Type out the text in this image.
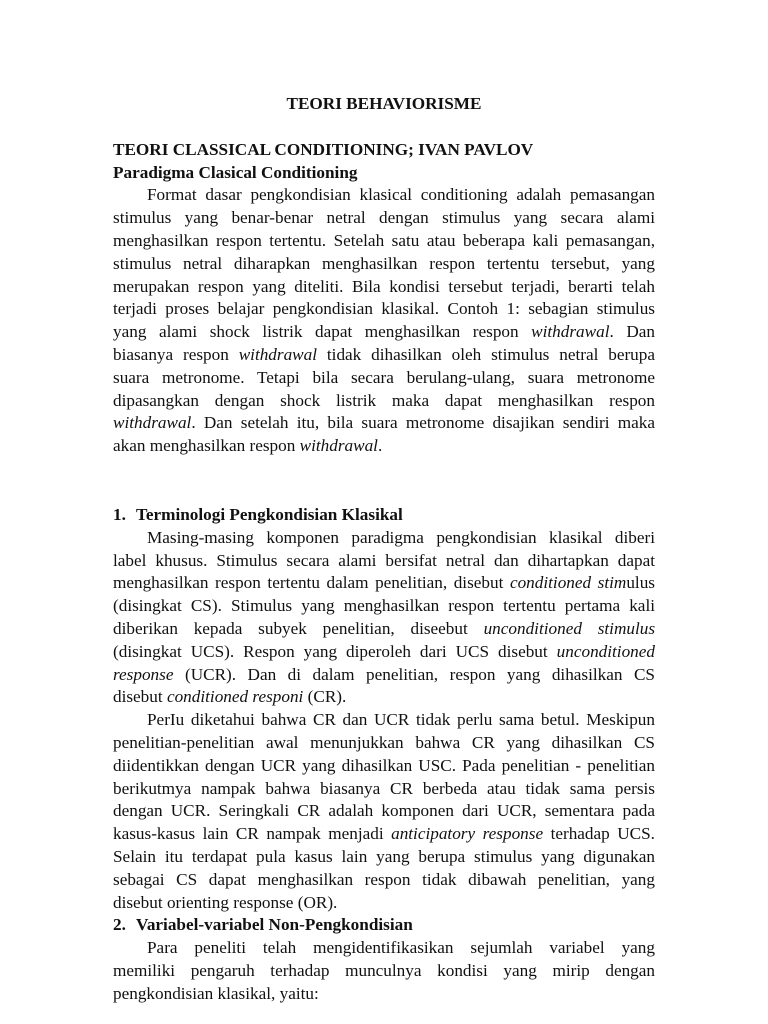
TEORI BEHAVIORISME
TEORI CLASSICAL CONDITIONING; IVAN PAVLOV
Paradigma Clasical Conditioning
Format dasar pengkondisian klasical conditioning adalah pemasangan
stimulus yang benar-benar netral dengan stimulus yang secara alami
menghasilkan respon tertentu. Setelah satu atau beberapa kali pemasangan,
stimulus netral diharapkan menghasilkan respon tertentu tersebut, yang
merupakan respon yang diteliti. Bila kondisi tersebut terjadi, berarti telah
terjadi proses belajar pengkondisian klasikal. Contoh 1: sebagian stimulus
yang alami shock listrik dapat menghasilkan respon withdrawal. Dan
biasanya respon withdrawal tidak dihasilkan oleh stimulus netral berupa
suara metronome. Tetapi bila secara berulang-ulang, suara metronome
dipasangkan dengan shock listrik maka dapat menghasilkan respon
withdrawal. Dan setelah itu, bila suara metronome disajikan sendiri maka
akan menghasilkan respon withdrawal.
1. Terminologi Pengkondisian Klasikal
Masing-masing komponen paradigma pengkondisian klasikal diberi
label khusus. Stimulus secara alami bersifat netral dan dihartapkan dapat
menghasilkan respon tertentu dalam penelitian, disebut conditioned stimulus
(disingkat CS). Stimulus yang menghasilkan respon tertentu pertama kali
diberikan kepada subyek penelitian, diseebut unconditioned stimulus
(disingkat UCS). Respon yang diperoleh dari UCS disebut unconditioned
response (UCR). Dan di dalam penelitian, respon yang dihasilkan CS
disebut conditioned responi (CR).
PerIu diketahui bahwa CR dan UCR tidak perlu sama betul. Meskipun
penelitian-penelitian awal menunjukkan bahwa CR yang dihasilkan CS
diidentikkan dengan UCR yang dihasilkan USC. Pada penelitian - penelitian
berikutmya nampak bahwa biasanya CR berbeda atau tidak sama persis
dengan UCR. Seringkali CR adalah komponen dari UCR, sementara pada
kasus-kasus lain CR nampak menjadi anticipatory response terhadap UCS.
Selain itu terdapat pula kasus lain yang berupa stimulus yang digunakan
sebagai CS dapat menghasilkan respon tidak dibawah penelitian, yang
disebut orienting response (OR).
2. Variabel-variabel Non-Pengkondisian
Para peneliti telah mengidentifikasikan sejumlah variabel yang
memiliki pengaruh terhadap munculnya kondisi yang mirip dengan
pengkondisian klasikal, yaitu:
